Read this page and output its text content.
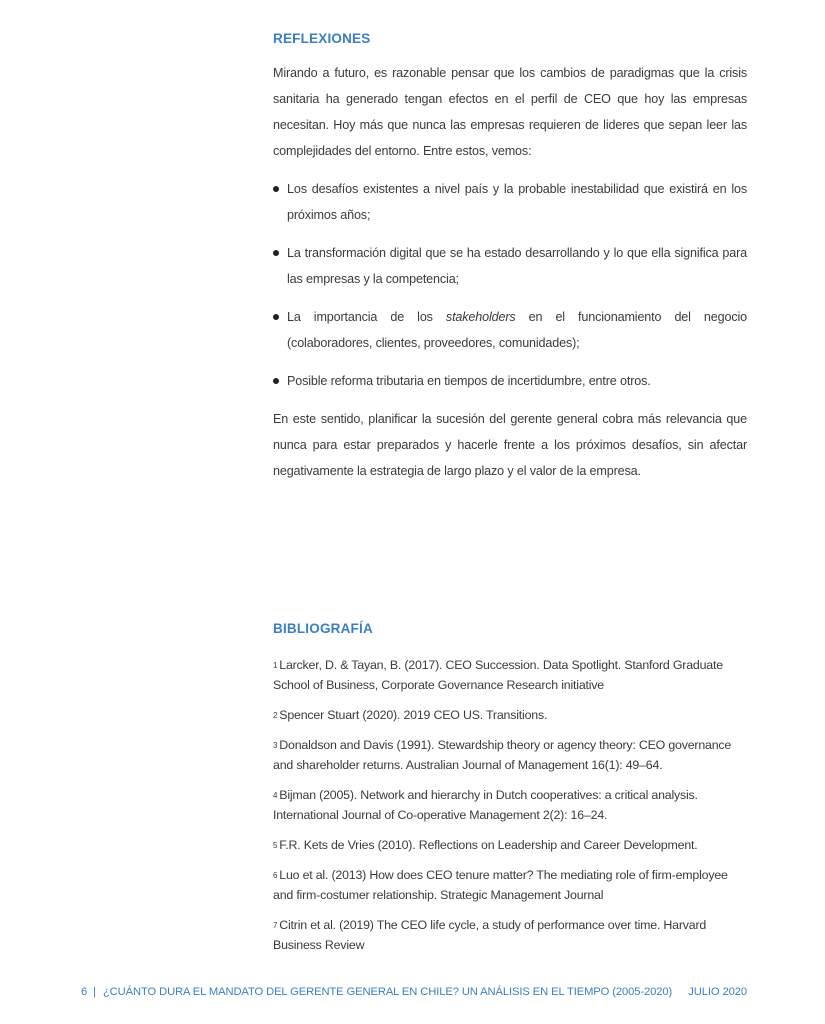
REFLEXIONES

Mirando a futuro, es razonable pensar que los cambios de paradigmas que la crisis sanitaria ha generado tengan efectos en el perfil de CEO que hoy las empresas necesitan. Hoy más que nunca las empresas requieren de lideres que sepan leer las complejidades del entorno. Entre estos, vemos:

Los desafíos existentes a nivel país y la probable inestabilidad que existirá en los próximos años;
La transformación digital que se ha estado desarrollando y lo que ella significa para las empresas y la competencia;
La importancia de los stakeholders en el funcionamiento del negocio (colaboradores, clientes, proveedores, comunidades);
Posible reforma tributaria en tiempos de incertidumbre, entre otros.

En este sentido, planificar la sucesión del gerente general cobra más relevancia que nunca para estar preparados y hacerle frente a los próximos desafíos, sin afectar negativamente la estrategia de largo plazo y el valor de la empresa.

BIBLIOGRAFÍA

$^1$ Larcker, D. & Tayan, B. (2017). CEO Succession. Data Spotlight. Stanford Graduate School of Business, Corporate Governance Research initiative

$^2$ Spencer Stuart (2020). 2019 CEO US. Transitions.

$^3$ Donaldson and Davis (1991). Stewardship theory or agency theory: CEO governance and shareholder returns. Australian Journal of Management 16(1): 49–64.

$^4$ Bijman (2005). Network and hierarchy in Dutch cooperatives: a critical analysis. International Journal of Co-operative Management 2(2): 16–24.

$^5$ F.R. Kets de Vries (2010). Reflections on Leadership and Career Development.

$^6$ Luo et al. (2013) How does CEO tenure matter? The mediating role of firm-employee and firm-costumer relationship. Strategic Management Journal

$^7$ Citrin et al. (2019) The CEO life cycle, a study of performance over time. Harvard Business Review

6 | ¿CUÁNTO DURA EL MANDATO DEL GERENTE GENERAL EN CHILE? UN ANÁLISIS EN EL TIEMPO (2005-2020) JULIO 2020
